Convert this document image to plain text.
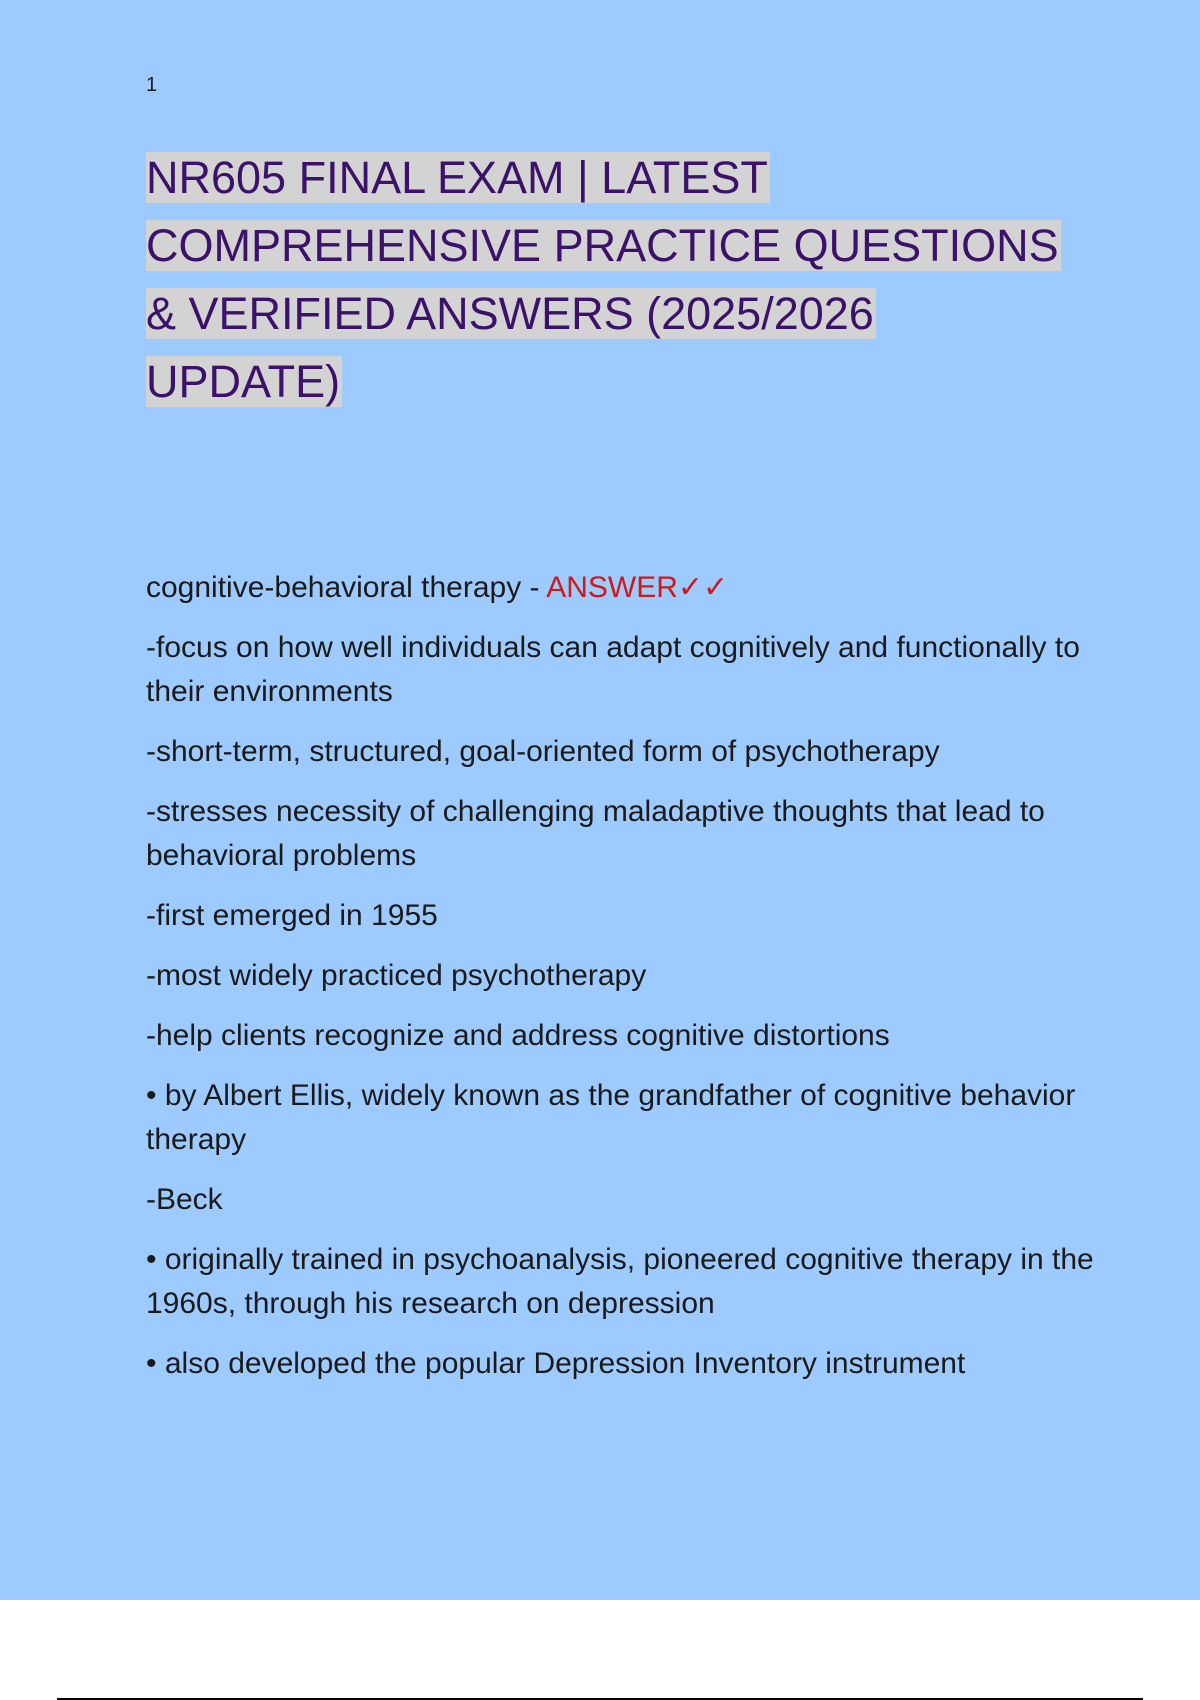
1
NR605 FINAL EXAM | LATEST
COMPREHENSIVE PRACTICE QUESTIONS
& VERIFIED ANSWERS (2025/2026
UPDATE)
cognitive-behavioral therapy - ANSWER✓✓
-focus on how well individuals can adapt cognitively and functionally to their environments
-short-term, structured, goal-oriented form of psychotherapy
-stresses necessity of challenging maladaptive thoughts that lead to behavioral problems
-first emerged in 1955
-most widely practiced psychotherapy
-help clients recognize and address cognitive distortions
• by Albert Ellis, widely known as the grandfather of cognitive behavior therapy
-Beck
• originally trained in psychoanalysis, pioneered cognitive therapy in the 1960s, through his research on depression
• also developed the popular Depression Inventory instrument
